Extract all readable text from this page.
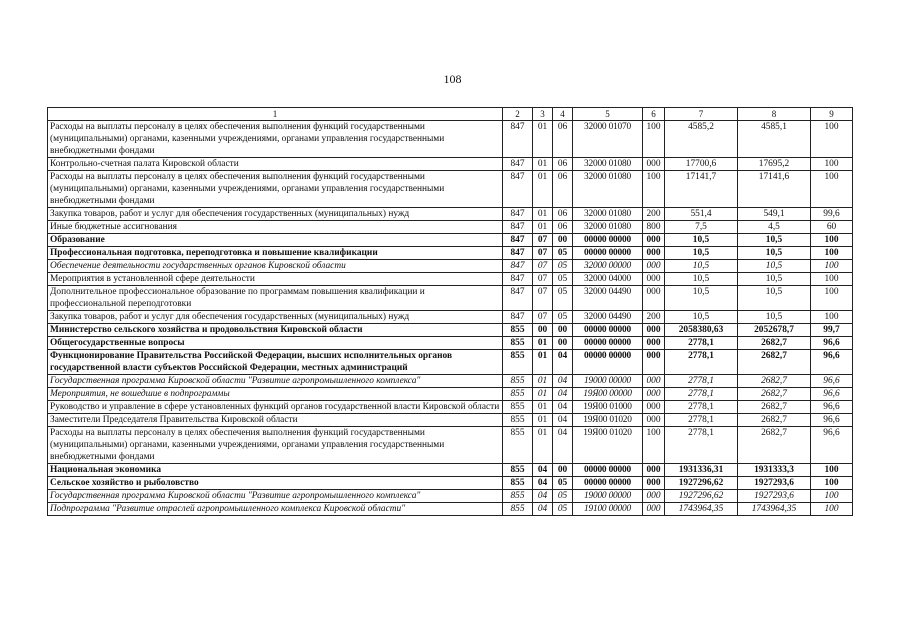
108
1	2	3	4	5	6	7	8	9
Расходы на выплаты персоналу в целях обеспечения выполнения функций государственными (муниципальными) органами, казенными учреждениями, органами управления государственными внебюджетными фондами	847	01	06	32000 01070	100	4585,2	4585,1	100
Контрольно-счетная палата Кировской области	847	01	06	32000 01080	000	17700,6	17695,2	100
Расходы на выплаты персоналу в целях обеспечения выполнения функций государственными (муниципальными) органами, казенными учреждениями, органами управления государственными внебюджетными фондами	847	01	06	32000 01080	100	17141,7	17141,6	100
Закупка товаров, работ и услуг для обеспечения государственных (муниципальных) нужд	847	01	06	32000 01080	200	551,4	549,1	99,6
Иные бюджетные ассигнования	847	01	06	32000 01080	800	7,5	4,5	60
Образование	847	07	00	00000 00000	000	10,5	10,5	100
Профессиональная подготовка, переподготовка и повышение квалификации	847	07	05	00000 00000	000	10,5	10,5	100
Обеспечение деятельности государственных органов Кировской области	847	07	05	32000 00000	000	10,5	10,5	100
Мероприятия в установленной сфере деятельности	847	07	05	32000 04000	000	10,5	10,5	100
Дополнительное профессиональное образование по программам повышения квалификации и профессиональной переподготовки	847	07	05	32000 04490	000	10,5	10,5	100
Закупка товаров, работ и услуг для обеспечения государственных (муниципальных) нужд	847	07	05	32000 04490	200	10,5	10,5	100
Министерство сельского хозяйства и продовольствия Кировской области	855	00	00	00000 00000	000	2058380,63	2052678,7	99,7
Общегосударственные вопросы	855	01	00	00000 00000	000	2778,1	2682,7	96,6
Функционирование Правительства Российской Федерации, высших исполнительных органов государственной власти субъектов Российской Федерации, местных администраций	855	01	04	00000 00000	000	2778,1	2682,7	96,6
Государственная программа Кировской области "Развитие агропромышленного комплекса"	855	01	04	19000 00000	000	2778,1	2682,7	96,6
Мероприятия, не вошедшие в подпрограммы	855	01	04	19Я00 00000	000	2778,1	2682,7	96,6
Руководство и управление в сфере установленных функций органов государственной власти Кировской области	855	01	04	19Я00 01000	000	2778,1	2682,7	96,6
Заместители Председателя Правительства Кировской области	855	01	04	19Я00 01020	000	2778,1	2682,7	96,6
Расходы на выплаты персоналу в целях обеспечения выполнения функций государственными (муниципальными) органами, казенными учреждениями, органами управления государственными внебюджетными фондами	855	01	04	19Я00 01020	100	2778,1	2682,7	96,6
Национальная экономика	855	04	00	00000 00000	000	1931336,31	1931333,3	100
Сельское хозяйство и рыболовство	855	04	05	00000 00000	000	1927296,62	1927293,6	100
Государственная программа Кировской области "Развитие агропромышленного комплекса"	855	04	05	19000 00000	000	1927296,62	1927293,6	100
Подпрограмма "Развитие отраслей агропромышленного комплекса Кировской области"	855	04	05	19100 00000	000	1743964,35	1743964,35	100
